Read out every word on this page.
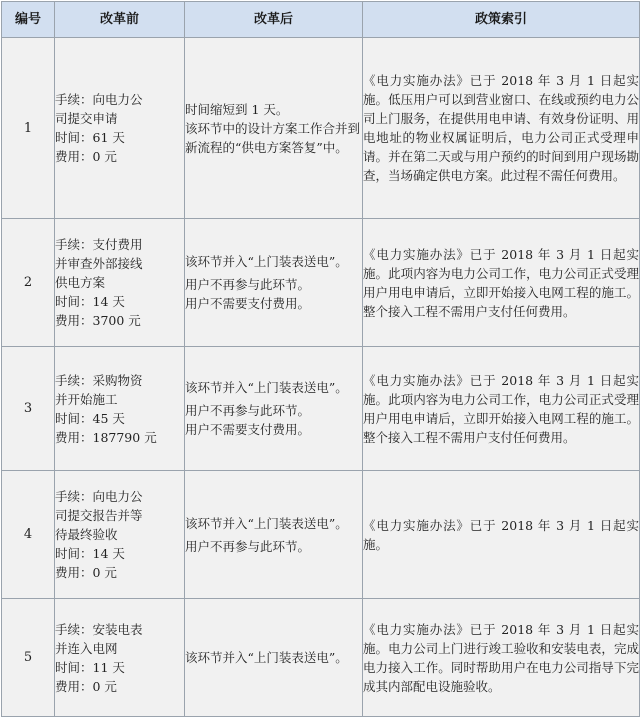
编号	改革前	改革后	政策索引
1	手续：向电力公
司提交申请
时间：61 天
费用：0 元	时间缩短到 1 天。
该环节中的设计方案工作合并到新流程的“供电方案答复”中。	《电力实施办法》已于 2018 年 3 月 1 日起实施。低压用户可以到营业窗口、在线或预约电力公司上门服务，在提供用电申请、有效身份证明、用电地址的物业权属证明后，电力公司正式受理申请。并在第二天或与用户预约的时间到用户现场勘查，当场确定供电方案。此过程不需任何费用。
2	手续：支付费用
并审查外部接线
供电方案
时间：14 天
费用：3700 元	该环节并入“上门装表送电”。
用户不再参与此环节。
用户不需要支付费用。	《电力实施办法》已于 2018 年 3 月 1 日起实施。此项内容为电力公司工作，电力公司正式受理用户用电申请后，立即开始接入电网工程的施工。整个接入工程不需用户支付任何费用。
3	手续：采购物资
并开始施工
时间：45 天
费用：187790 元	该环节并入“上门装表送电”。
用户不再参与此环节。
用户不需要支付费用。	《电力实施办法》已于 2018 年 3 月 1 日起实施。此项内容为电力公司工作，电力公司正式受理用户用电申请后，立即开始接入电网工程的施工。整个接入工程不需用户支付任何费用。
4	手续：向电力公
司提交报告并等
待最终验收
时间：14 天
费用：0 元	该环节并入“上门装表送电”。
用户不再参与此环节。	《电力实施办法》已于 2018 年 3 月 1 日起实施。
5	手续：安装电表
并连入电网
时间：11 天
费用：0 元	该环节并入“上门装表送电”。	《电力实施办法》已于 2018 年 3 月 1 日起实施。电力公司上门进行竣工验收和安装电表，完成电力接入工作。同时帮助用户在电力公司指导下完成其内部配电设施验收。
